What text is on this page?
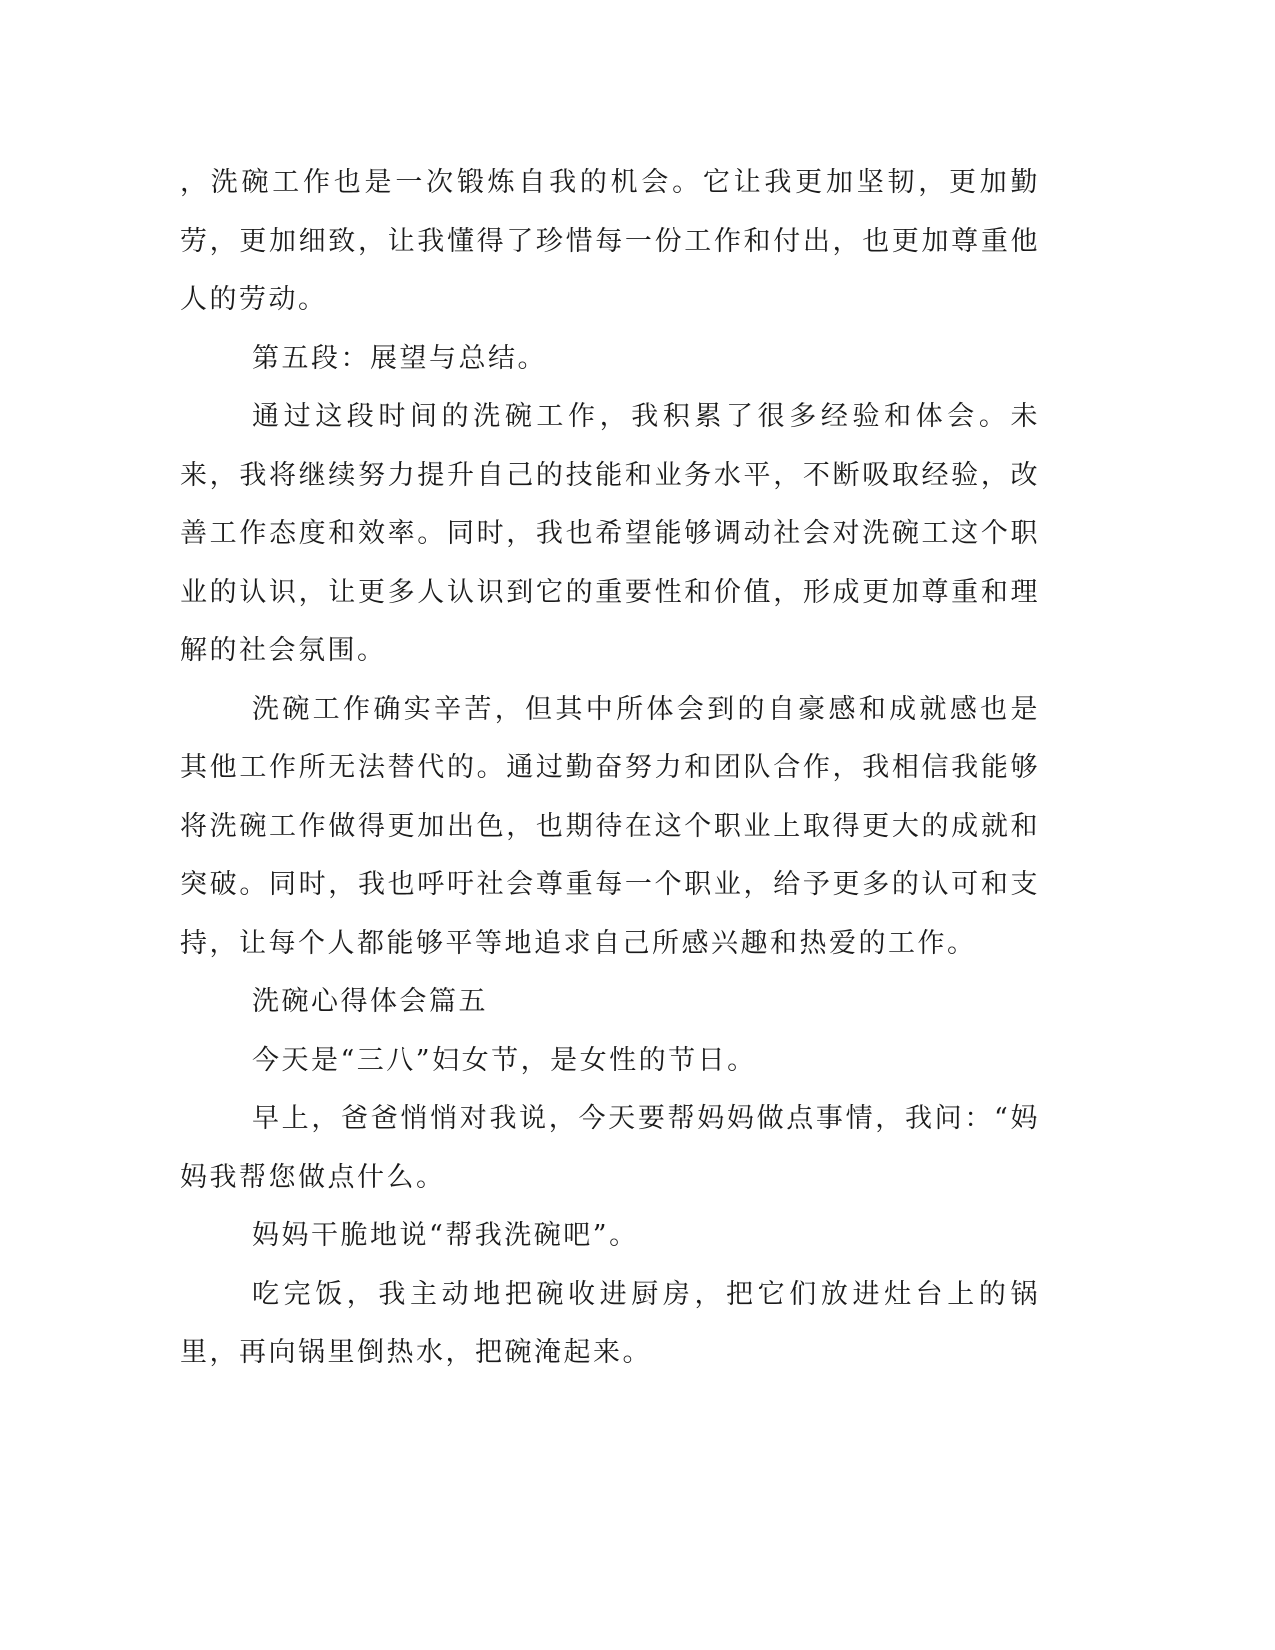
，洗碗工作也是一次锻炼自我的机会。它让我更加坚韧，更加勤劳，更加细致，让我懂得了珍惜每一份工作和付出，也更加尊重他人的劳动。

第五段：展望与总结。

通过这段时间的洗碗工作，我积累了很多经验和体会。未来，我将继续努力提升自己的技能和业务水平，不断吸取经验，改善工作态度和效率。同时，我也希望能够调动社会对洗碗工这个职业的认识，让更多人认识到它的重要性和价值，形成更加尊重和理解的社会氛围。

洗碗工作确实辛苦，但其中所体会到的自豪感和成就感也是其他工作所无法替代的。通过勤奋努力和团队合作，我相信我能够将洗碗工作做得更加出色，也期待在这个职业上取得更大的成就和突破。同时，我也呼吁社会尊重每一个职业，给予更多的认可和支持，让每个人都能够平等地追求自己所感兴趣和热爱的工作。

洗碗心得体会篇五

今天是“三八”妇女节，是女性的节日。

早上，爸爸悄悄对我说，今天要帮妈妈做点事情，我问：“妈妈我帮您做点什么。

妈妈干脆地说“帮我洗碗吧”。

吃完饭，我主动地把碗收进厨房，把它们放进灶台上的锅里，再向锅里倒热水，把碗淹起来。
